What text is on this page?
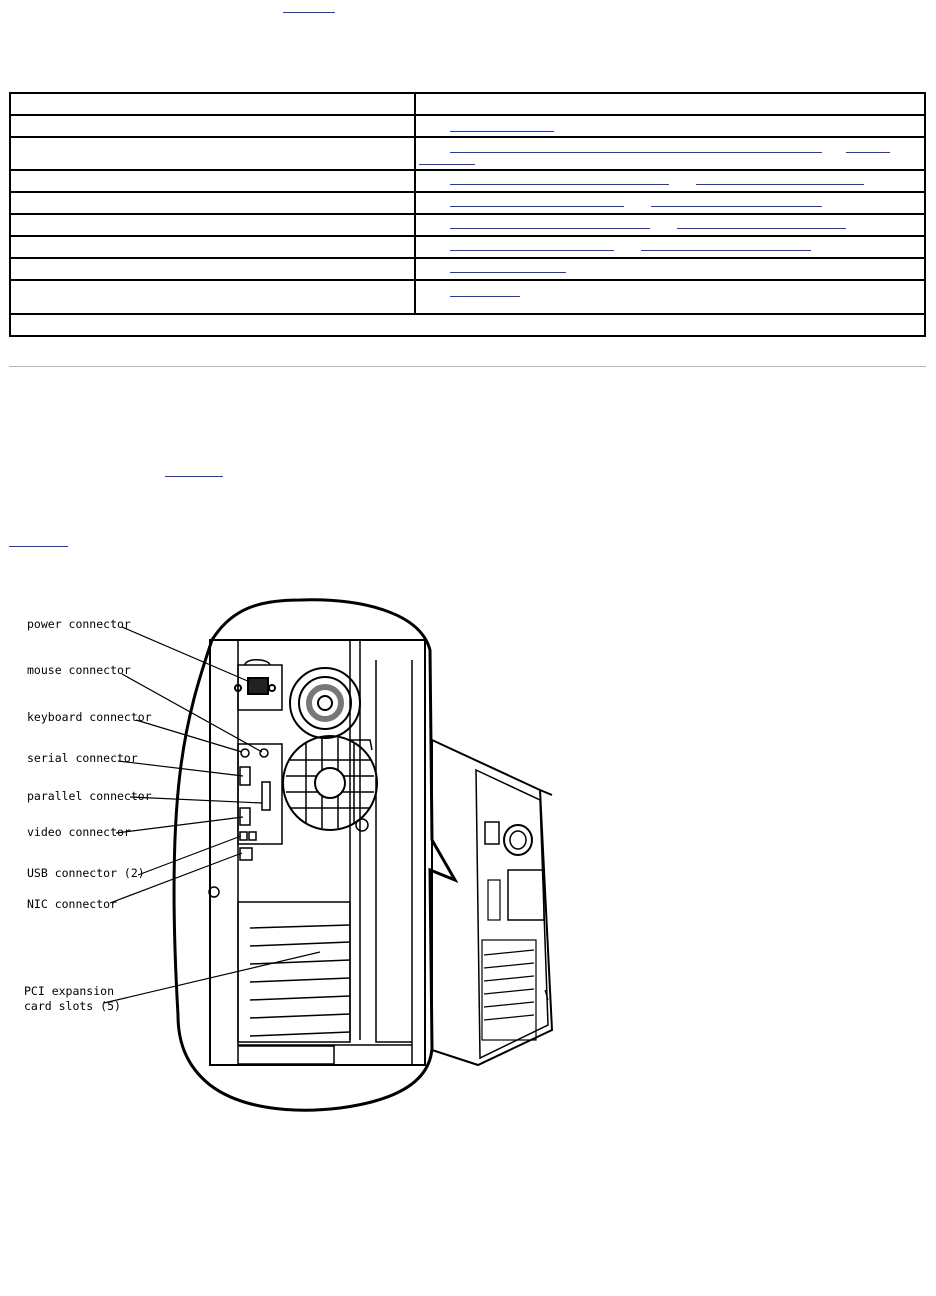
power connector
mouse connector
keyboard connector
serial connector
parallel connector
video connector
USB connector (2)
NIC connector
PCI expansion
card slots (5)
